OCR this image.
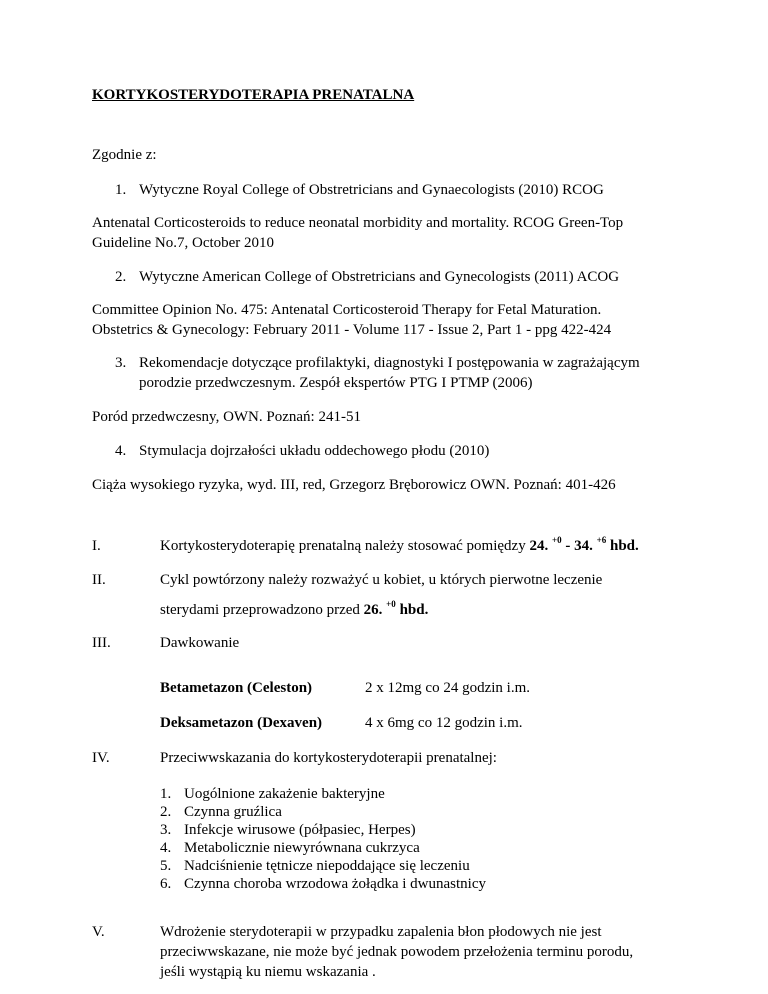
KORTYKOSTERYDOTERAPIA PRENATALNA
Zgodnie z:
1. Wytyczne Royal College of Obstretricians and Gynaecologists (2010) RCOG
Antenatal Corticosteroids to reduce neonatal morbidity and mortality. RCOG Green-Top
Guideline No.7, October 2010
2. Wytyczne American College of Obstretricians and Gynecologists (2011) ACOG
Committee Opinion No. 475: Antenatal Corticosteroid Therapy for Fetal Maturation.
Obstetrics & Gynecology: February 2011 - Volume 117 - Issue 2, Part 1 - ppg 422-424
3. Rekomendacje dotyczące profilaktyki, diagnostyki I postępowania w zagrażającym
porodzie przedwczesnym. Zespół ekspertów PTG I PTMP (2006)
Poród przedwczesny, OWN. Poznań: 241-51
4. Stymulacja dojrzałości układu oddechowego płodu (2010)
Ciąża wysokiego ryzyka, wyd. III, red, Grzegorz Bręborowicz OWN. Poznań: 401-426
I.	Kortykosterydoterapię prenatalną należy stosować pomiędzy 24. $^{+0}$ - 34. $^{+6}$ hbd.
II.	Cykl powtórzony należy rozważyć u kobiet, u których pierwotne leczenie
sterydami przeprowadzono przed 26. $^{+0}$ hbd.
III.	Dawkowanie
Betametazon (Celeston)	2 x 12mg co 24 godzin i.m.
Deksametazon (Dexaven)	4 x 6mg co 12 godzin i.m.
IV.	Przeciwwskazania do kortykosterydoterapii prenatalnej:
1. Uogólnione zakażenie bakteryjne
2. Czynna gruźlica
3. Infekcje wirusowe (półpasiec, Herpes)
4. Metabolicznie niewyrównana cukrzyca
5. Nadciśnienie tętnicze niepoddające się leczeniu
6. Czynna choroba wrzodowa żołądka i dwunastnicy
V.	Wdrożenie sterydoterapii w przypadku zapalenia błon płodowych nie jest
przeciwwskazane, nie może być jednak powodem przełożenia terminu porodu,
jeśli wystąpią ku niemu wskazania .
